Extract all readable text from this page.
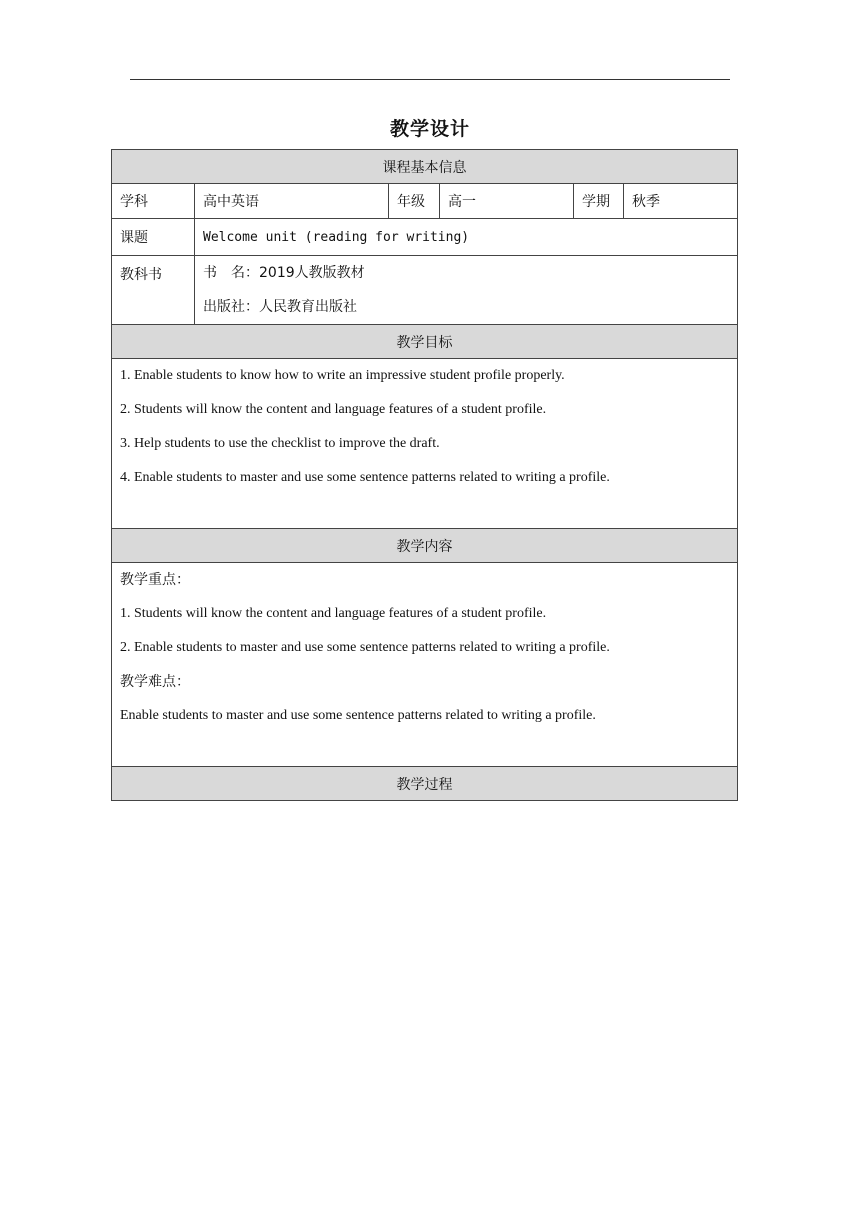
教学设计
课程基本信息					
学科	高中英语	年级	高一	学期	秋季
课题	Welcome unit (reading for writing)				
教科书	书　名：2019人教版教材
出版社：人民教育出版社				

教学目标					

1. Enable students to know how to write an impressive student profile properly.

2. Students will know the content and language features of a student profile.

3. Help students to use the checklist to improve the draft.

4. Enable students to master and use some sentence patterns related to writing a profile.					

教学内容					

教学重点：

1. Students will know the content and language features of a student profile.

2. Enable students to master and use some sentence patterns related to writing a profile.

教学难点：

Enable students to master and use some sentence patterns related to writing a profile.					

教学过程					
